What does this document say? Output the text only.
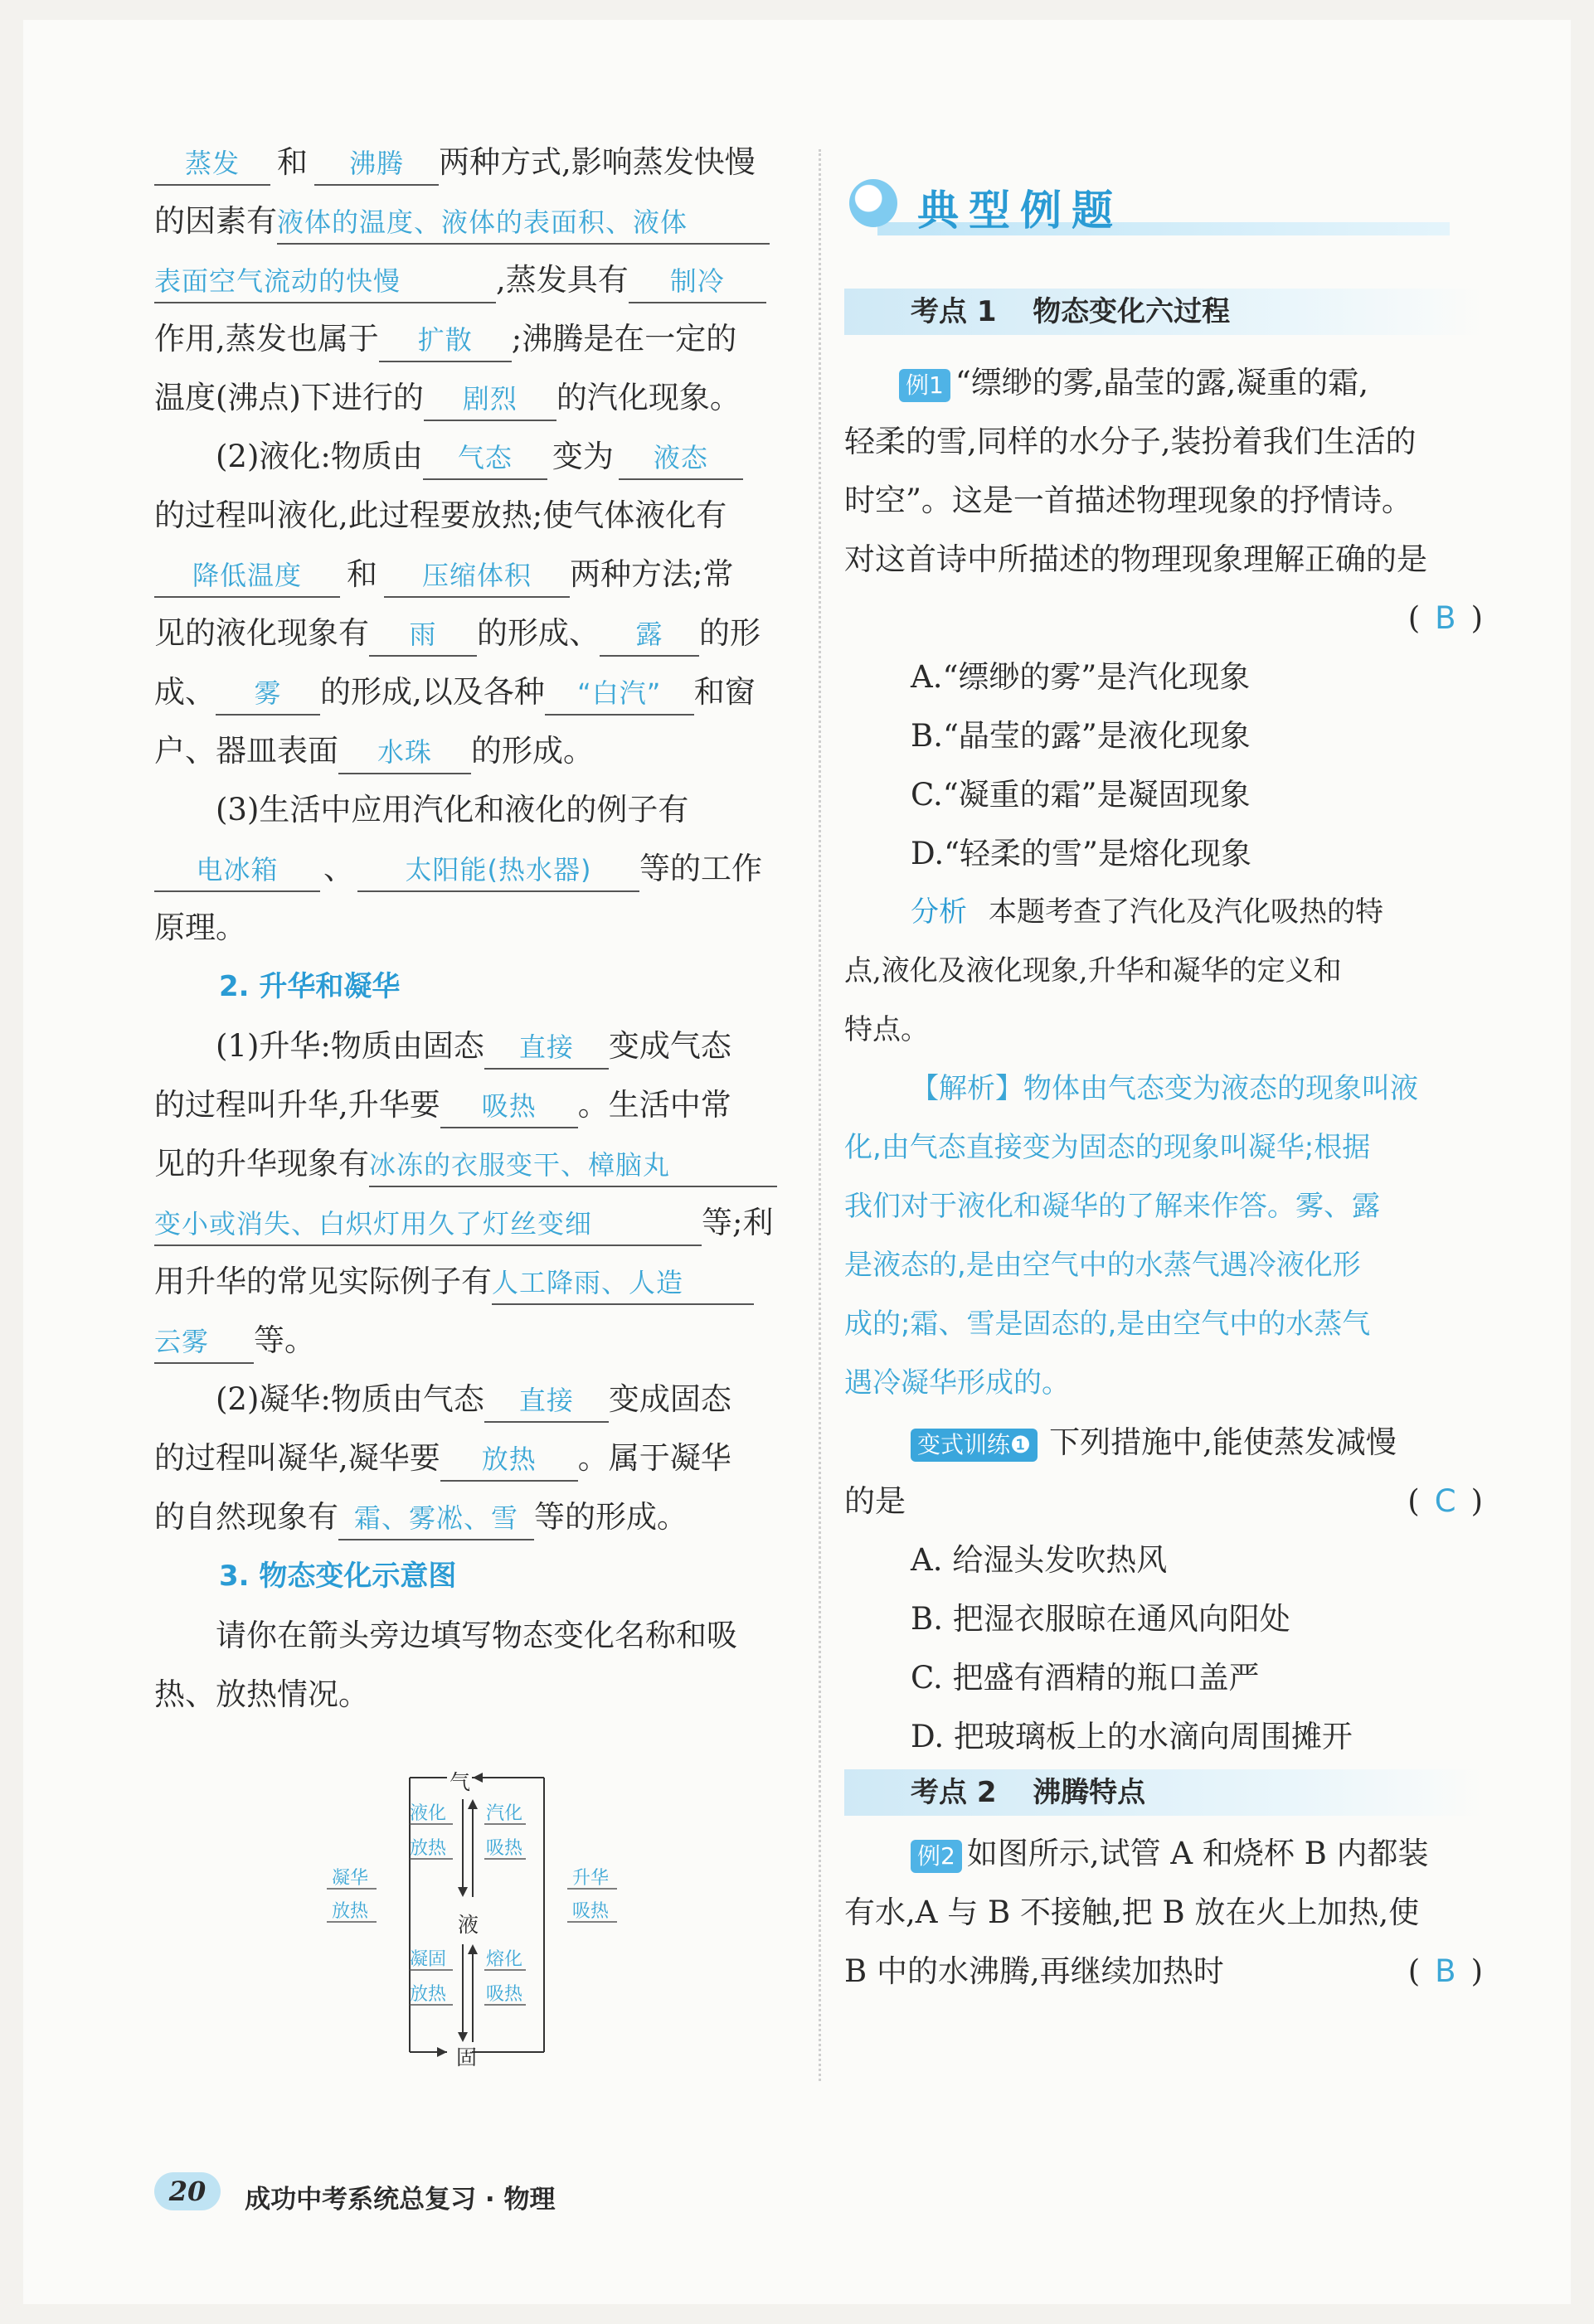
蒸发 和 沸腾 两种方式,影响蒸发快慢
的因素有液体的温度、液体的表面积、液体
表面空气流动的快慢	,蒸发具有 制冷
作用,蒸发也属于 扩散 ;沸腾是在一定的
温度(沸点)下进行的 剧烈 的汽化现象。
(2)液化:物质由 气态 变为 液态
的过程叫液化,此过程要放热;使气体液化有
降低温度 和 压缩体积 两种方法;常
见的液化现象有 雨 的形成、 露 的形
成、 雾 的形成,以及各种 “白汽” 和窗
户、器皿表面 水珠 的形成。
(3)生活中应用汽化和液化的例子有
电冰箱 、 太阳能(热水器) 等的工作
原理。
2. 升华和凝华
(1)升华:物质由固态 直接 变成气态
的过程叫升华,升华要 吸热 。生活中常
见的升华现象有冰冻的衣服变干、樟脑丸
变小或消失、白炽灯用久了灯丝变细	等;利
用升华的常见实际例子有人工降雨、人造
云雾 等。
(2)凝华:物质由气态 直接 变成固态
的过程叫凝华,凝华要 放热 。属于凝华
的自然现象有 霜、雾凇、雪 等的形成。
3. 物态变化示意图
请你在箭头旁边填写物态变化名称和吸
热、放热情况。
气
液
固
液化
放热
汽化
吸热
凝华
放热
升华
吸热
凝固
放热
熔化
吸热
典型例题
考点 1 物态变化六过程
例1 “缥缈的雾,晶莹的露,凝重的霜,
轻柔的雪,同样的水分子,装扮着我们生活的
时空”。这是一首描述物理现象的抒情诗。
对这首诗中所描述的物理现象理解正确的是
( B )
A.“缥缈的雾”是汽化现象
B.“晶莹的露”是液化现象
C.“凝重的霜”是凝固现象
D.“轻柔的雪”是熔化现象
分析 本题考查了汽化及汽化吸热的特
点,液化及液化现象,升华和凝华的定义和
特点。
【解析】物体由气态变为液态的现象叫液
化,由气态直接变为固态的现象叫凝华;根据
我们对于液化和凝华的了解来作答。雾、露
是液态的,是由空气中的水蒸气遇冷液化形
成的;霜、雪是固态的,是由空气中的水蒸气
遇冷凝华形成的。
变式训练❶ 下列措施中,能使蒸发减慢
的是	( C )
A. 给湿头发吹热风
B. 把湿衣服晾在通风向阳处
C. 把盛有酒精的瓶口盖严
D. 把玻璃板上的水滴向周围摊开
考点 2 沸腾特点
例2 如图所示,试管 A 和烧杯 B 内都装
有水,A 与 B 不接触,把 B 放在火上加热,使
B 中的水沸腾,再继续加热时	( B )
20 成功中考系统总复习 · 物理
